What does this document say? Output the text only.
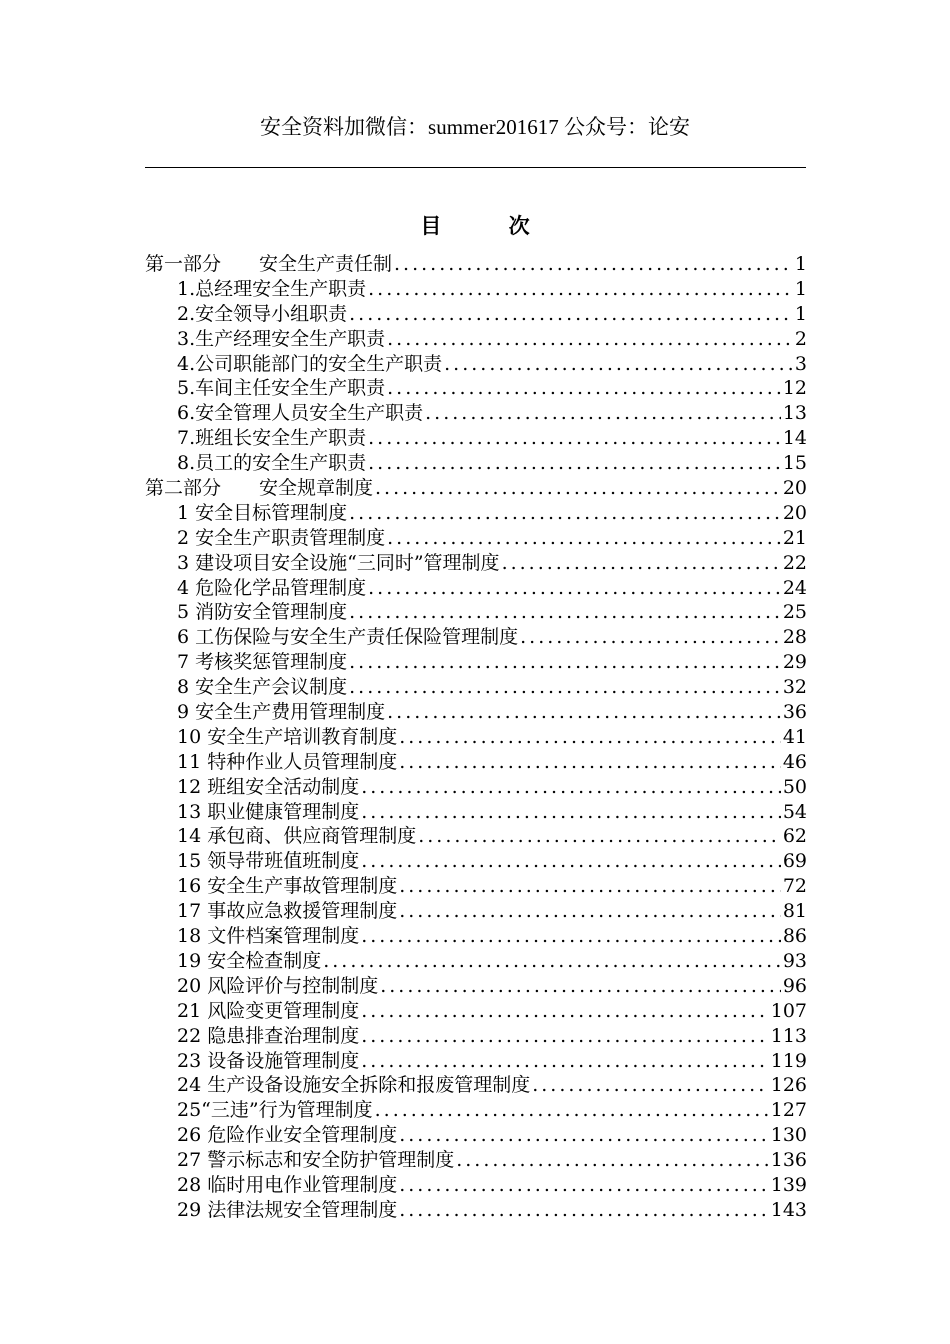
安全资料加微信：summer201617 公众号：论安
目 次
第一部分　　安全生产责任制 .....	1
1.总经理安全生产职责 .....	1
2.安全领导小组职责 .....	1
3.生产经理安全生产职责 .....	2
4.公司职能部门的安全生产职责 .....	3
5.车间主任安全生产职责 .....	12
6.安全管理人员安全生产职责 .....	13
7.班组长安全生产职责 .....	14
8.员工的安全生产职责 .....	15
第二部分　　安全规章制度 .....	20
1 安全目标管理制度 .....	20
2 安全生产职责管理制度 .....	21
3 建设项目安全设施“三同时”管理制度 .....	22
4 危险化学品管理制度 .....	24
5 消防安全管理制度 .....	25
6 工伤保险与安全生产责任保险管理制度 .....	28
7 考核奖惩管理制度 .....	29
8 安全生产会议制度 .....	32
9 安全生产费用管理制度 .....	36
10 安全生产培训教育制度 .....	41
11 特种作业人员管理制度 .....	46
12 班组安全活动制度 .....	50
13 职业健康管理制度 .....	54
14 承包商、供应商管理制度 .....	62
15 领导带班值班制度 .....	69
16 安全生产事故管理制度 .....	72
17 事故应急救援管理制度 .....	81
18 文件档案管理制度 .....	86
19 安全检查制度 .....	93
20 风险评价与控制制度 .....	96
21 风险变更管理制度 .....	107
22 隐患排查治理制度 .....	113
23 设备设施管理制度 .....	119
24 生产设备设施安全拆除和报废管理制度 .....	126
25“三违”行为管理制度 .....	127
26 危险作业安全管理制度 .....	130
27 警示标志和安全防护管理制度 .....	136
28 临时用电作业管理制度 .....	139
29 法律法规安全管理制度 .....	143
